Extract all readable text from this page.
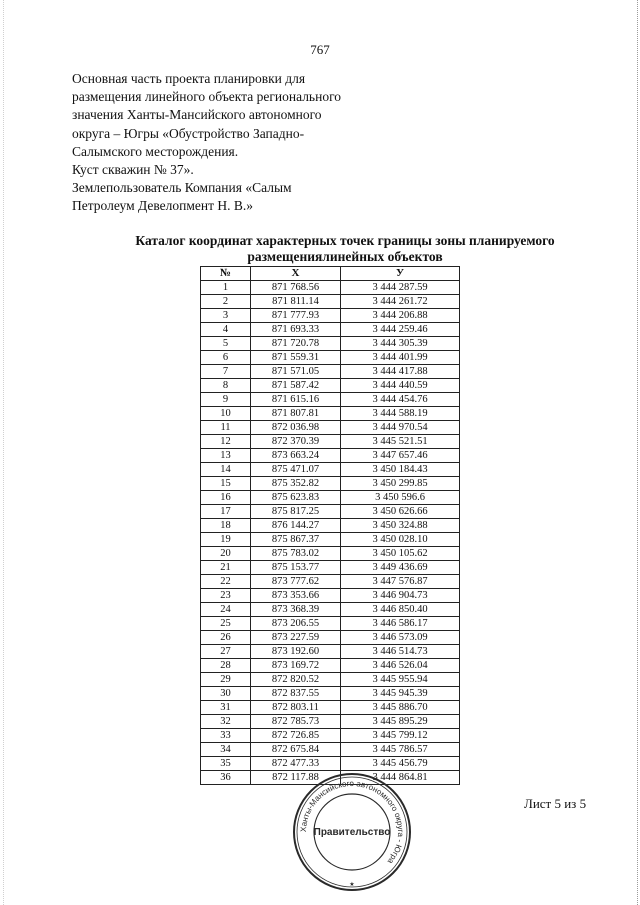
767
Основная часть проекта планировки для
размещения линейного объекта регионального
значения Ханты-Мансийского автономного
округа – Югры «Обустройство Западно-
Салымского месторождения.
Куст скважин № 37».
Землепользователь Компания «Салым
Петролеум Девелопмент Н. В.»
Каталог координат характерных точек границы зоны планируемого
размещениялинейных объектов
№	Х	У
1	871 768.56	3 444 287.59
2	871 811.14	3 444 261.72
3	871 777.93	3 444 206.88
4	871 693.33	3 444 259.46
5	871 720.78	3 444 305.39
6	871 559.31	3 444 401.99
7	871 571.05	3 444 417.88
8	871 587.42	3 444 440.59
9	871 615.16	3 444 454.76
10	871 807.81	3 444 588.19
11	872 036.98	3 444 970.54
12	872 370.39	3 445 521.51
13	873 663.24	3 447 657.46
14	875 471.07	3 450 184.43
15	875 352.82	3 450 299.85
16	875 623.83	3 450 596.6
17	875 817.25	3 450 626.66
18	876 144.27	3 450 324.88
19	875 867.37	3 450 028.10
20	875 783.02	3 450 105.62
21	875 153.77	3 449 436.69
22	873 777.62	3 447 576.87
23	873 353.66	3 446 904.73
24	873 368.39	3 446 850.40
25	873 206.55	3 446 586.17
26	873 227.59	3 446 573.09
27	873 192.60	3 446 514.73
28	873 169.72	3 446 526.04
29	872 820.52	3 445 955.94
30	872 837.55	3 445 945.39
31	872 803.11	3 445 886.70
32	872 785.73	3 445 895.29
33	872 726.85	3 445 799.12
34	872 675.84	3 445 786.57
35	872 477.33	3 445 456.79
36	872 117.88	3 444 864.81
Лист 5 из 5
Ханты-Мансийского автономного округа - Югра
Правительство
★
